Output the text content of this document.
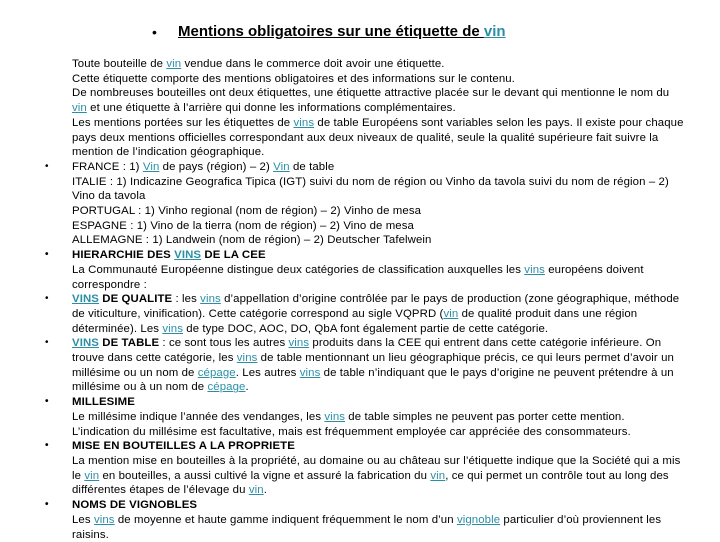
• Mentions obligatoires sur une étiquette de vin

Toute bouteille de vin vendue dans le commerce doit avoir une étiquette.

Cette étiquette comporte des mentions obligatoires et des informations sur le contenu.

De nombreuses bouteilles ont deux étiquettes, une étiquette attractive placée sur le devant qui mentionne le nom du vin et une étiquette à l’arrière qui donne les informations complémentaires.

Les mentions portées sur les étiquettes de vins de table Européens sont variables selon les pays. Il existe pour chaque pays deux mentions officielles correspondant aux deux niveaux de qualité, seule la qualité supérieure fait suivre la mention de l’indication géographique.

• FRANCE : 1) Vin de pays (région) – 2) Vin de table

ITALIE : 1) Indicazine Geografica Tipica (IGT) suivi du nom de région ou Vinho da tavola suivi du nom de région – 2) Vino da tavola

PORTUGAL : 1) Vinho regional (nom de région) – 2) Vinho de mesa

ESPAGNE : 1) Vino de la tierra (nom de région) – 2) Vino de mesa

ALLEMAGNE : 1) Landwein (nom de région) – 2) Deutscher Tafelwein

• HIERARCHIE DES VINS DE LA CEE

La Communauté Européenne distingue deux catégories de classification auxquelles les vins européens doivent correspondre :

• VINS DE QUALITE : les vins d’appellation d’origine contrôlée par le pays de production (zone géographique, méthode de viticulture, vinification). Cette catégorie correspond au sigle VQPRD (vin de qualité produit dans une région déterminée). Les vins de type DOC, AOC, DO, QbA font également partie de cette catégorie.

• VINS DE TABLE : ce sont tous les autres vins produits dans la CEE qui entrent dans cette catégorie inférieure. On trouve dans cette catégorie, les vins de table mentionnant un lieu géographique précis, ce qui leurs permet d’avoir un millésime ou un nom de cépage. Les autres vins de table n’indiquant que le pays d’origine ne peuvent prétendre à un millésime ou à un nom de cépage.

• MILLESIME

Le millésime indique l’année des vendanges, les vins de table simples ne peuvent pas porter cette mention. L’indication du millésime est facultative, mais est fréquemment employée car appréciée des consommateurs.

• MISE EN BOUTEILLES A LA PROPRIETE

La mention mise en bouteilles à la propriété, au domaine ou au château sur l’étiquette indique que la Société qui a mis le vin en bouteilles, a aussi cultivé la vigne et assuré la fabrication du vin, ce qui permet un contrôle tout au long des différentes étapes de l’élevage du vin.

• NOMS DE VIGNOBLES

Les vins de moyenne et haute gamme indiquent fréquemment le nom d’un vignoble particulier d’où proviennent les raisins.
